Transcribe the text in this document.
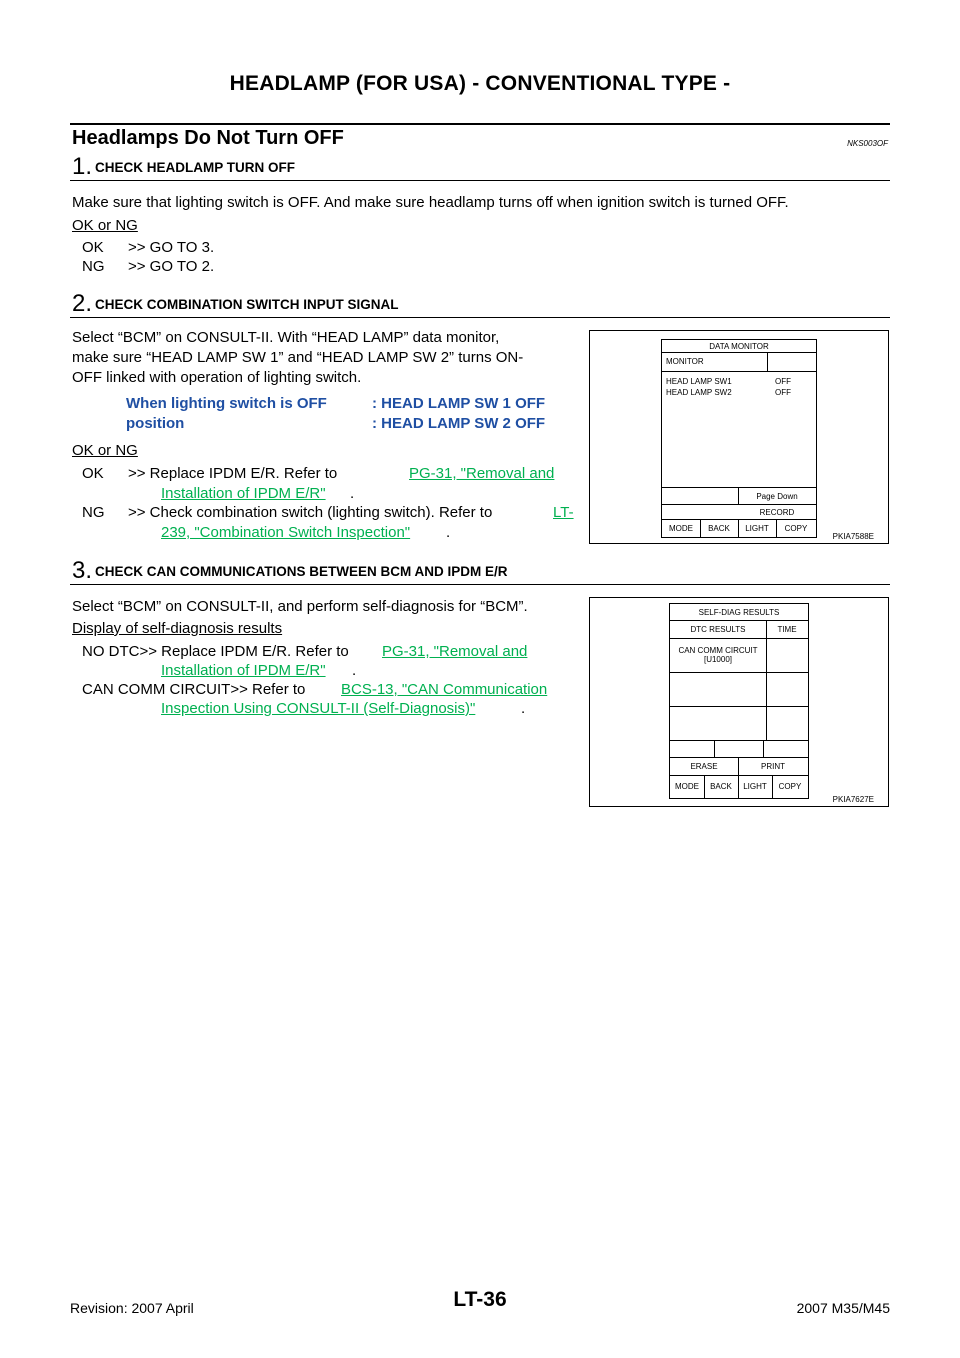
HEADLAMP (FOR USA) - CONVENTIONAL TYPE -
Headlamps Do Not Turn OFF	NKS003OF
1. CHECK HEADLAMP TURN OFF
Make sure that lighting switch is OFF. And make sure headlamp turns off when ignition switch is turned OFF.
OK or NG
OK >> GO TO 3.
NG >> GO TO 2.
2. CHECK COMBINATION SWITCH INPUT SIGNAL
Select “BCM” on CONSULT-II. With “HEAD LAMP” data monitor,
make sure “HEAD LAMP SW 1” and “HEAD LAMP SW 2” turns ON-
OFF linked with operation of lighting switch.
When lighting switch is OFF
position
: HEAD LAMP SW 1 OFF
: HEAD LAMP SW 2 OFF
OK or NG
OK >> Replace IPDM E/R. Refer to	PG-31, "Removal and
Installation of IPDM E/R" .
NG >> Check combination switch (lighting switch). Refer to	LT-
239, "Combination Switch Inspection" .
DATA MONITOR
MONITOR
HEAD LAMP SW1	OFF
HEAD LAMP SW2	OFF
Page Down
RECORD
MODE	BACK	LIGHT	COPY
PKIA7588E
3. CHECK CAN COMMUNICATIONS BETWEEN BCM AND IPDM E/R
Select “BCM” on CONSULT-II, and perform self-diagnosis for “BCM”.
Display of self-diagnosis results
NO DTC>> Replace IPDM E/R. Refer to PG-31, "Removal and
Installation of IPDM E/R" .
CAN COMM CIRCUIT>> Refer to BCS-13, "CAN Communication
Inspection Using CONSULT-II (Self-Diagnosis)"	.
SELF-DIAG RESULTS
DTC RESULTS	TIME
CAN COMM CIRCUIT
[U1000]
ERASE	PRINT
MODE	BACK	LIGHT	COPY
PKIA7627E
Revision: 2007 April	LT-36	2007 M35/M45
